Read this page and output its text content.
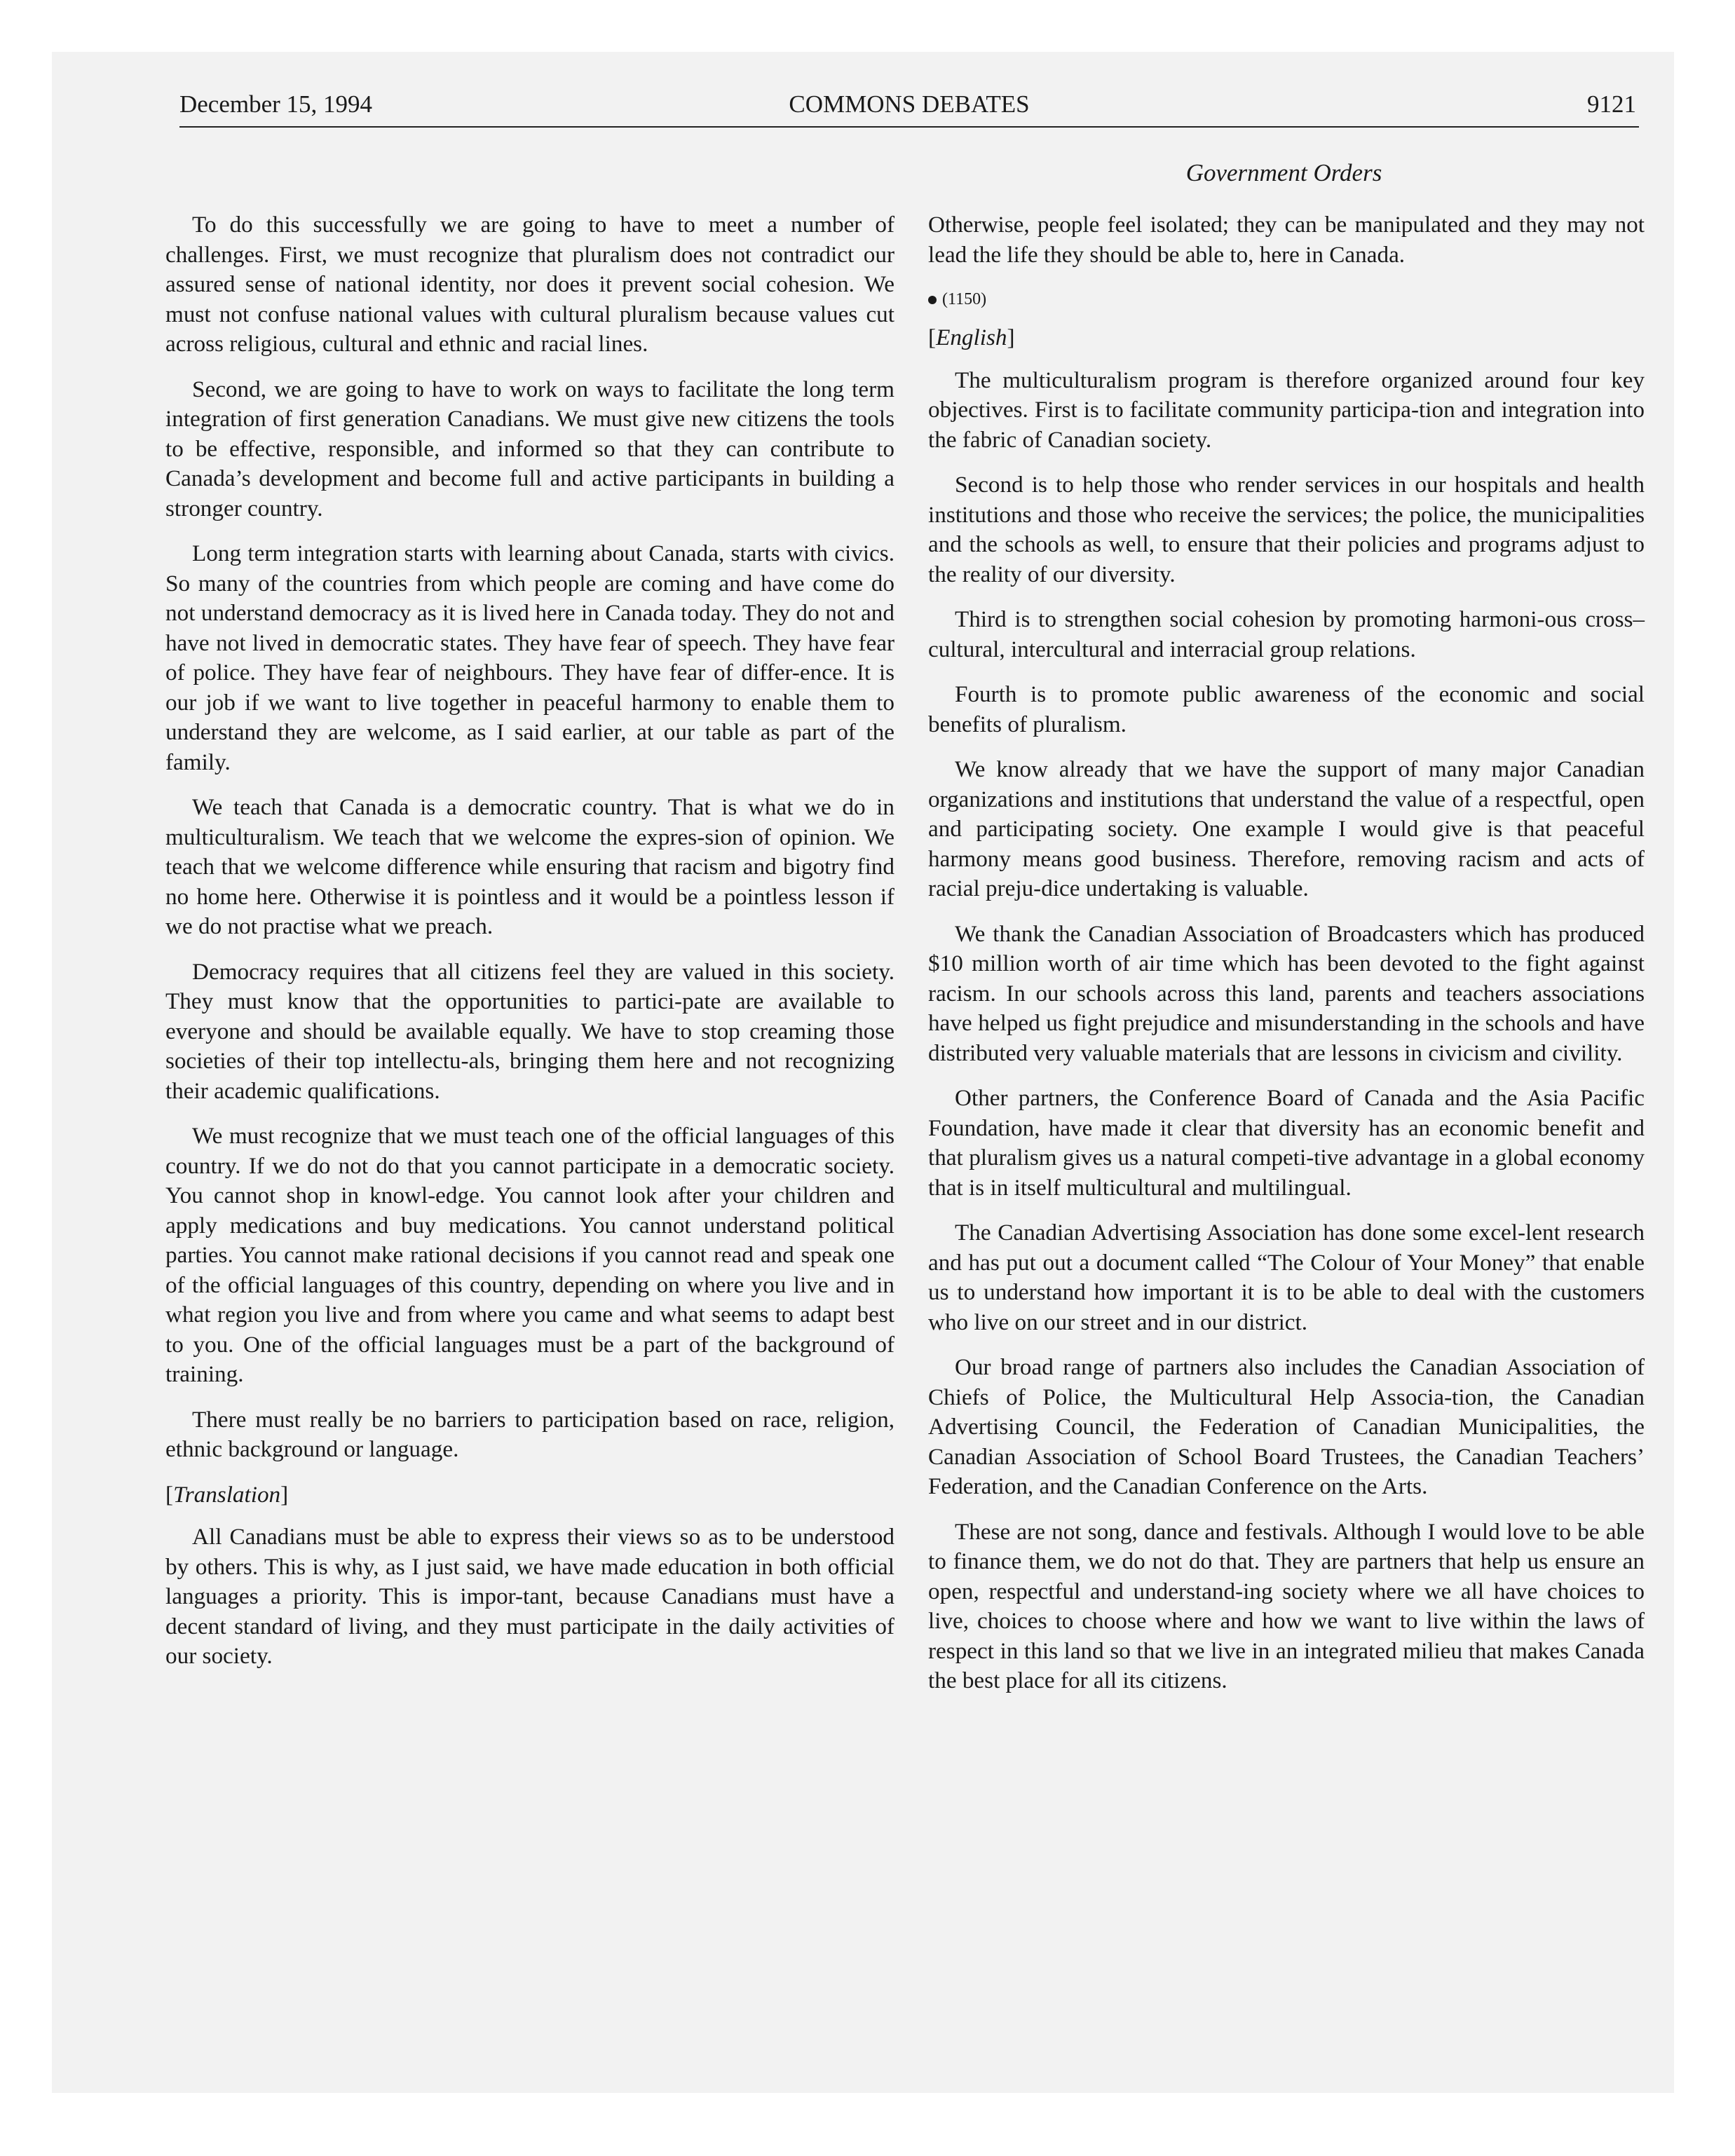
COMMONS DEBATES
December 15, 1994	9121
Government Orders

To do this successfully we are going to have to meet a number of challenges. First, we must recognize that pluralism does not contradict our assured sense of national identity, nor does it prevent social cohesion. We must not confuse national values with cultural pluralism because values cut across religious, cultural and ethnic and racial lines.

Second, we are going to have to work on ways to facilitate the long term integration of first generation Canadians. We must give new citizens the tools to be effective, responsible, and informed so that they can contribute to Canada’s development and become full and active participants in building a stronger country.

Long term integration starts with learning about Canada, starts with civics. So many of the countries from which people are coming and have come do not understand democracy as it is lived here in Canada today. They do not and have not lived in democratic states. They have fear of speech. They have fear of police. They have fear of neighbours. They have fear of differ-ence. It is our job if we want to live together in peaceful harmony to enable them to understand they are welcome, as I said earlier, at our table as part of the family.

We teach that Canada is a democratic country. That is what we do in multiculturalism. We teach that we welcome the expres-sion of opinion. We teach that we welcome difference while ensuring that racism and bigotry find no home here. Otherwise it is pointless and it would be a pointless lesson if we do not practise what we preach.

Democracy requires that all citizens feel they are valued in this society. They must know that the opportunities to partici-pate are available to everyone and should be available equally. We have to stop creaming those societies of their top intellectu-als, bringing them here and not recognizing their academic qualifications.

We must recognize that we must teach one of the official languages of this country. If we do not do that you cannot participate in a democratic society. You cannot shop in knowl-edge. You cannot look after your children and apply medications and buy medications. You cannot understand political parties. You cannot make rational decisions if you cannot read and speak one of the official languages of this country, depending on where you live and in what region you live and from where you came and what seems to adapt best to you. One of the official languages must be a part of the background of training.

There must really be no barriers to participation based on race, religion, ethnic background or language.

[Translation]

All Canadians must be able to express their views so as to be understood by others. This is why, as I just said, we have made education in both official languages a priority. This is impor-tant, because Canadians must have a decent standard of living, and they must participate in the daily activities of our society.

Otherwise, people feel isolated; they can be manipulated and they may not lead the life they should be able to, here in Canada.

(1150)

[English]

The multiculturalism program is therefore organized around four key objectives. First is to facilitate community participa-tion and integration into the fabric of Canadian society.

Second is to help those who render services in our hospitals and health institutions and those who receive the services; the police, the municipalities and the schools as well, to ensure that their policies and programs adjust to the reality of our diversity.

Third is to strengthen social cohesion by promoting harmoni-ous cross–cultural, intercultural and interracial group relations.

Fourth is to promote public awareness of the economic and social benefits of pluralism.

We know already that we have the support of many major Canadian organizations and institutions that understand the value of a respectful, open and participating society. One example I would give is that peaceful harmony means good business. Therefore, removing racism and acts of racial preju-dice undertaking is valuable.

We thank the Canadian Association of Broadcasters which has produced $10 million worth of air time which has been devoted to the fight against racism. In our schools across this land, parents and teachers associations have helped us fight prejudice and misunderstanding in the schools and have distributed very valuable materials that are lessons in civicism and civility.

Other partners, the Conference Board of Canada and the Asia Pacific Foundation, have made it clear that diversity has an economic benefit and that pluralism gives us a natural competi-tive advantage in a global economy that is in itself multicultural and multilingual.

The Canadian Advertising Association has done some excel-lent research and has put out a document called “The Colour of Your Money” that enable us to understand how important it is to be able to deal with the customers who live on our street and in our district.

Our broad range of partners also includes the Canadian Association of Chiefs of Police, the Multicultural Help Associa-tion, the Canadian Advertising Council, the Federation of Canadian Municipalities, the Canadian Association of School Board Trustees, the Canadian Teachers’ Federation, and the Canadian Conference on the Arts.

These are not song, dance and festivals. Although I would love to be able to finance them, we do not do that. They are partners that help us ensure an open, respectful and understand-ing society where we all have choices to live, choices to choose where and how we want to live within the laws of respect in this land so that we live in an integrated milieu that makes Canada the best place for all its citizens.
